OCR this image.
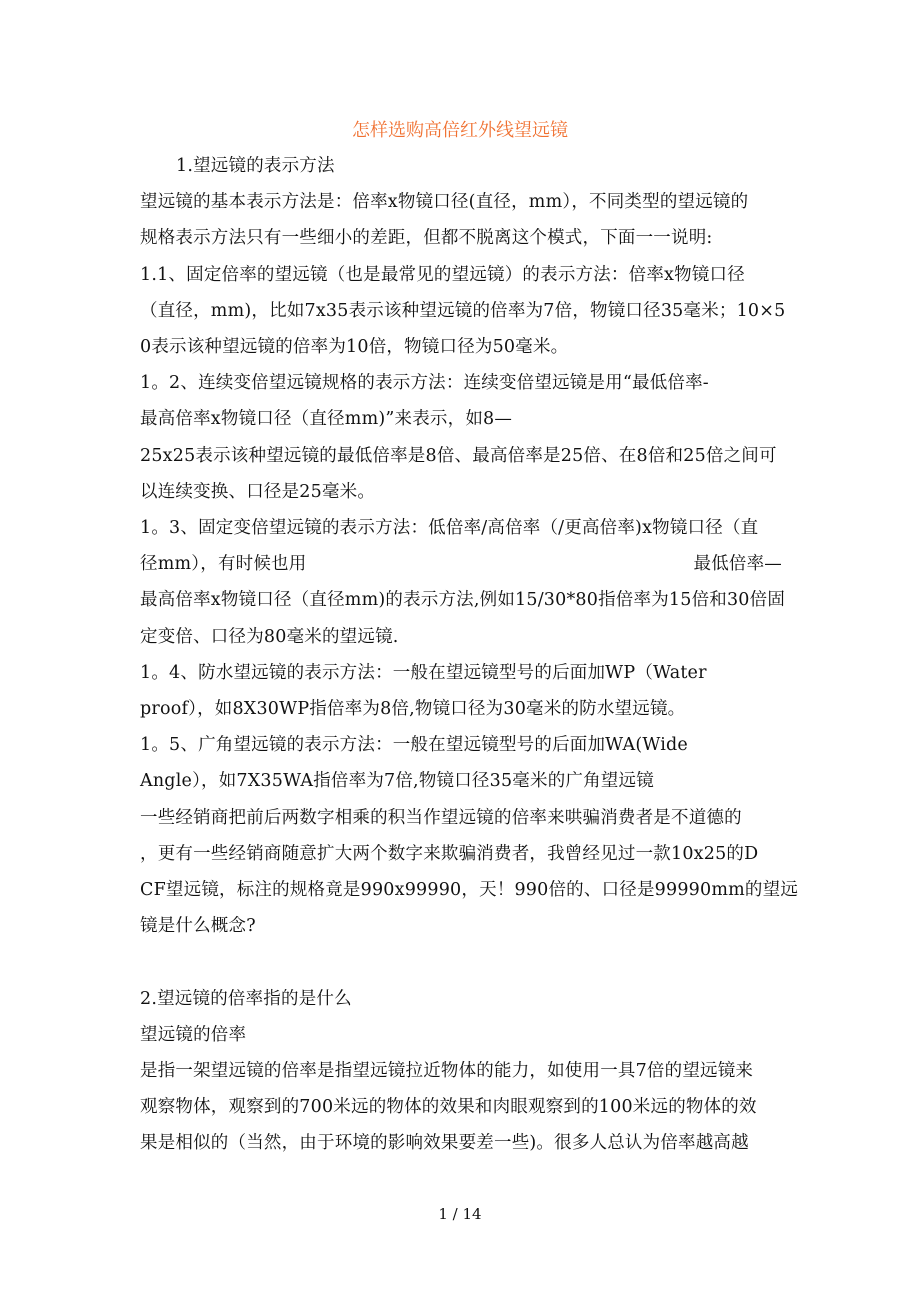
怎样选购高倍红外线望远镜
1.望远镜的表示方法
望远镜的基本表示方法是：倍率x物镜口径(直径，mm），不同类型的望远镜的
规格表示方法只有一些细小的差距，但都不脱离这个模式，下面一一说明:
1.1、固定倍率的望远镜（也是最常见的望远镜）的表示方法：倍率x物镜口径
（直径，mm)，比如7x35表示该种望远镜的倍率为7倍，物镜口径35毫米；10×5
0表示该种望远镜的倍率为10倍，物镜口径为50毫米。
1。2、连续变倍望远镜规格的表示方法：连续变倍望远镜是用“最低倍率-
最高倍率x物镜口径（直径mm)”来表示，如8—
25x25表示该种望远镜的最低倍率是8倍、最高倍率是25倍、在8倍和25倍之间可
以连续变换、口径是25毫米。
1。3、固定变倍望远镜的表示方法：低倍率/高倍率（/更高倍率)x物镜口径（直
径mm），有时候也用	最低倍率—
最高倍率x物镜口径（直径mm)的表示方法,例如15/30*80指倍率为15倍和30倍固
定变倍、口径为80毫米的望远镜.
1。4、防水望远镜的表示方法：一般在望远镜型号的后面加WP（Water
proof），如8X30WP指倍率为8倍,物镜口径为30毫米的防水望远镜。
1。5、广角望远镜的表示方法：一般在望远镜型号的后面加WA(Wide
Angle），如7X35WA指倍率为7倍,物镜口径35毫米的广角望远镜
一些经销商把前后两数字相乘的积当作望远镜的倍率来哄骗消费者是不道德的
，更有一些经销商随意扩大两个数字来欺骗消费者，我曾经见过一款10x25的D
CF望远镜，标注的规格竟是990x99990，天！990倍的、口径是99990mm的望远
镜是什么概念?
2.望远镜的倍率指的是什么
望远镜的倍率
是指一架望远镜的倍率是指望远镜拉近物体的能力，如使用一具7倍的望远镜来
观察物体，观察到的700米远的物体的效果和肉眼观察到的100米远的物体的效
果是相似的（当然，由于环境的影响效果要差一些)。很多人总认为倍率越高越
1 / 14
